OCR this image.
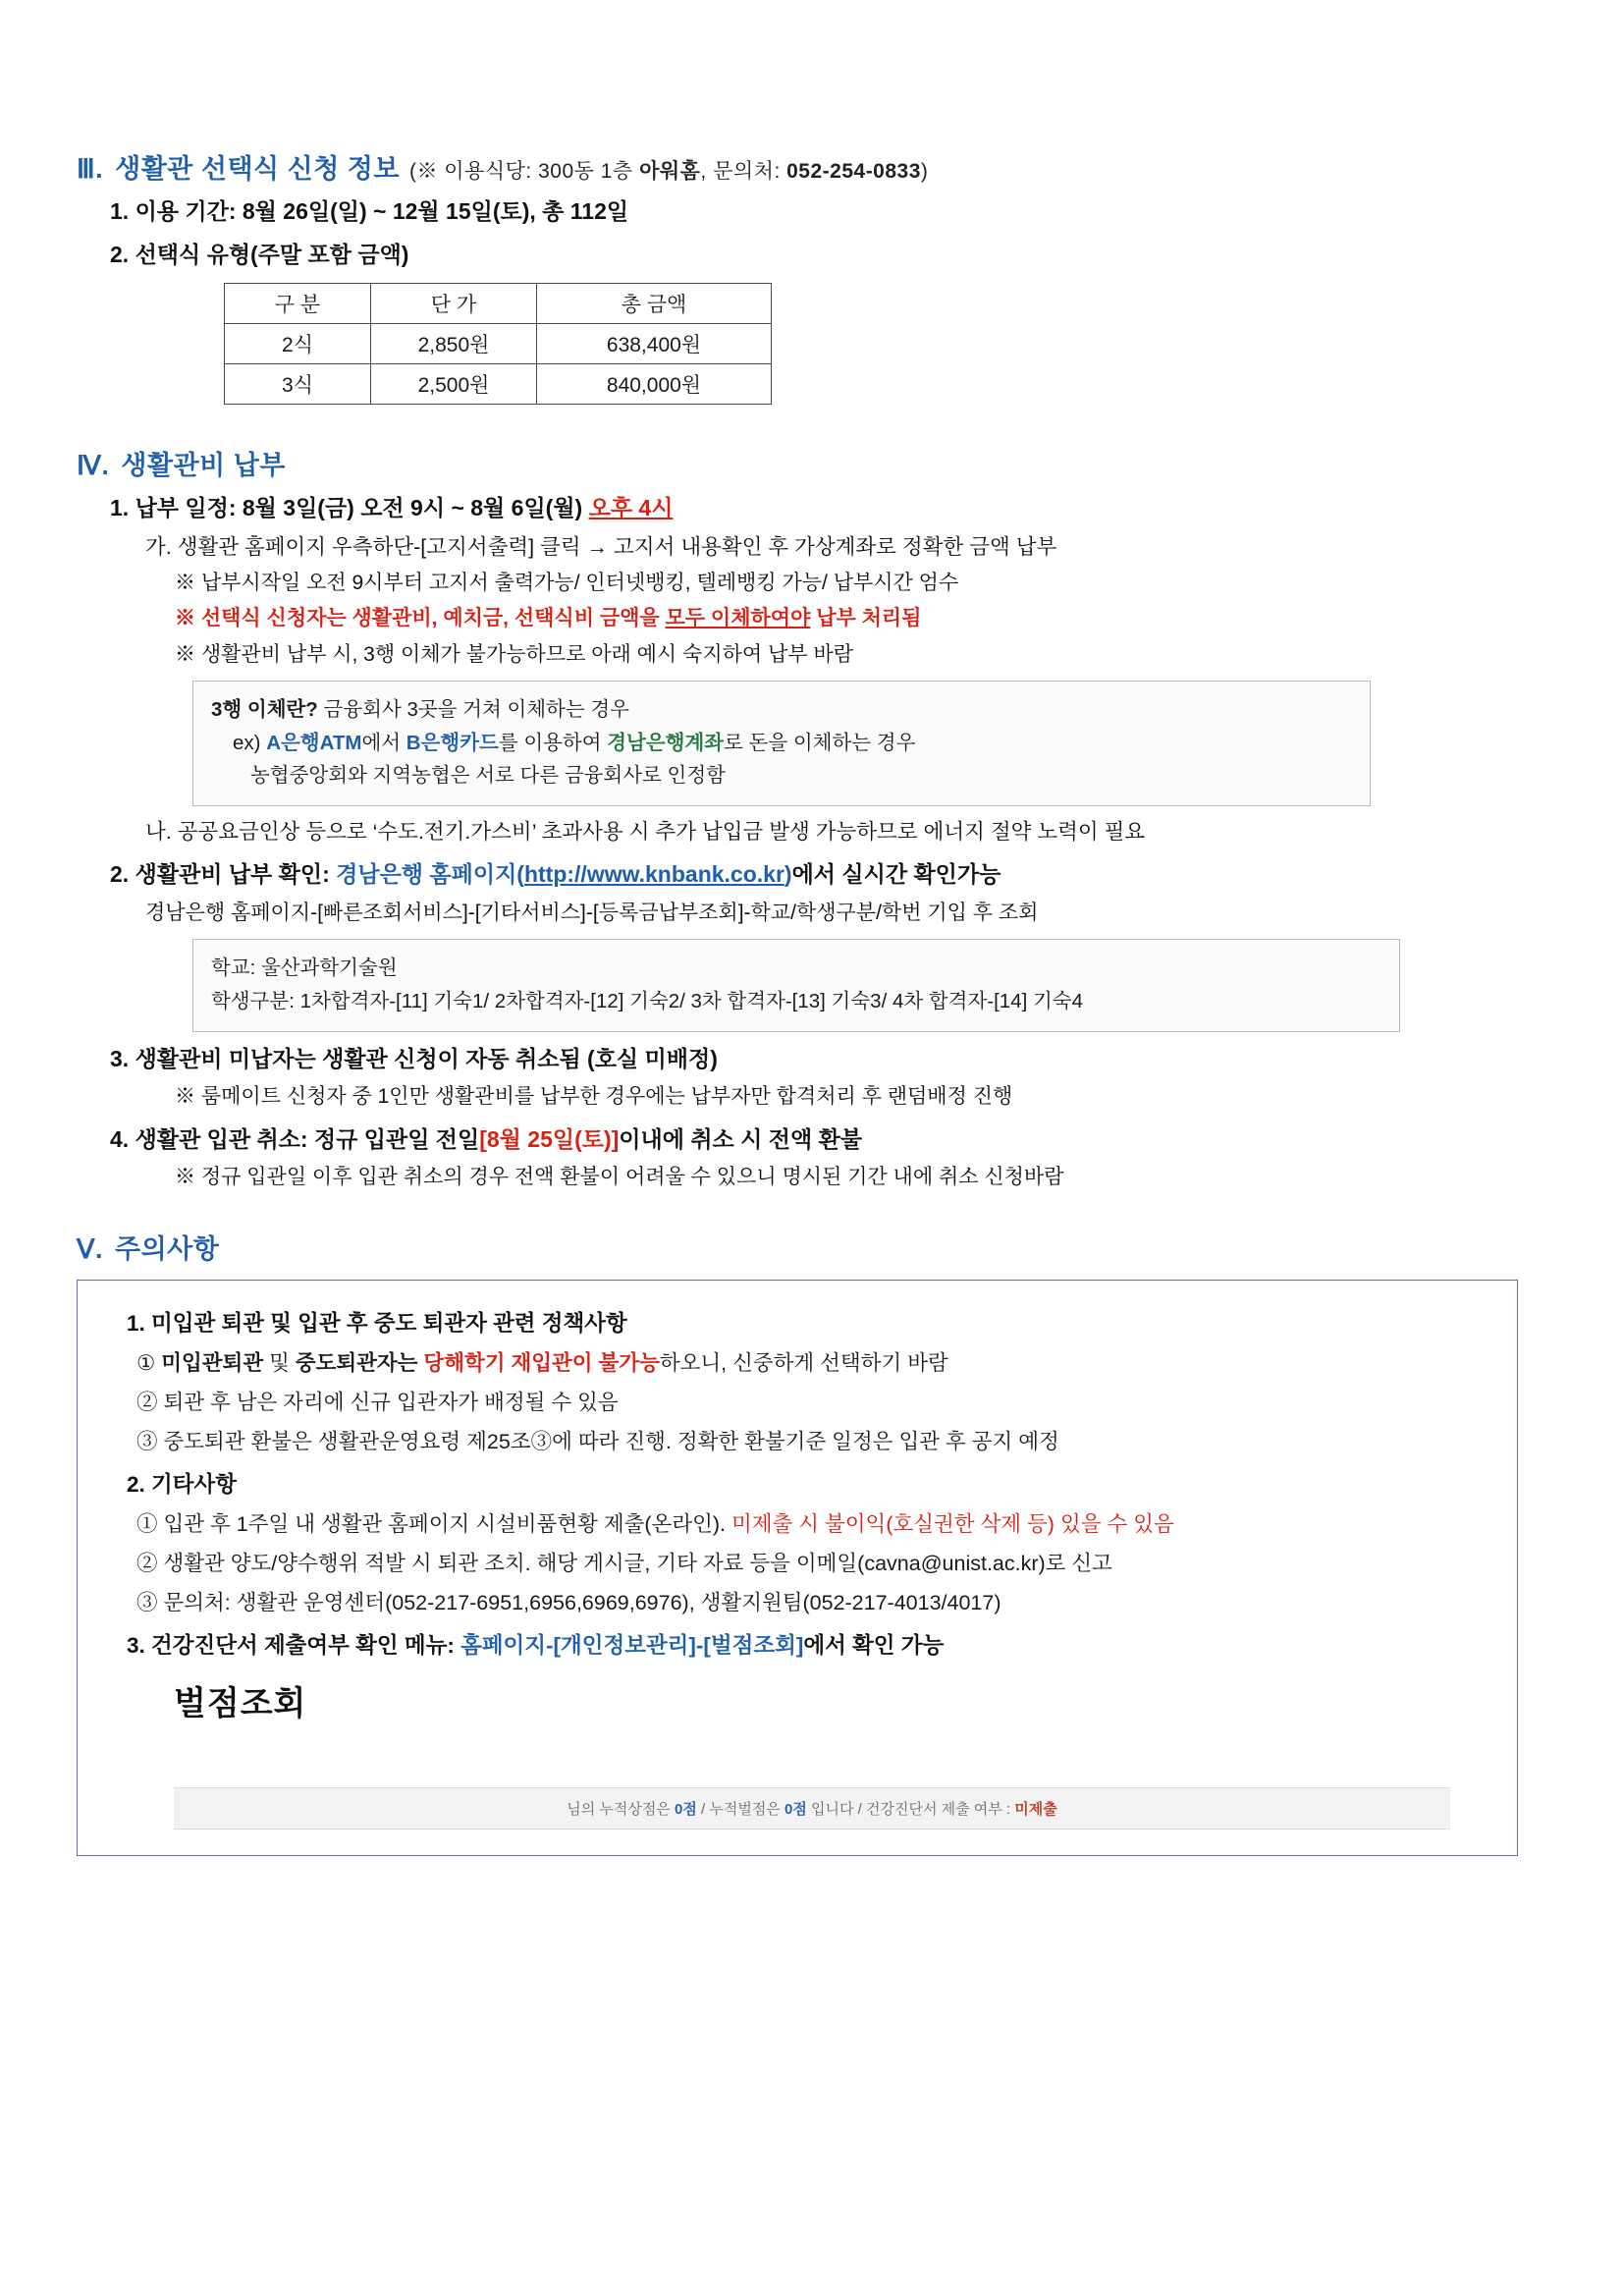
Ⅲ. 생활관 선택식 신청 정보 (※ 이용식당: 300동 1층 아워홈, 문의처: 052-254-0833)
1. 이용 기간: 8월 26일(일) ~ 12월 15일(토), 총 112일
2. 선택식 유형(주말 포함 금액)
구 분	단 가	총 금액
2식	2,850원	638,400원
3식	2,500원	840,000원
Ⅳ. 생활관비 납부
1. 납부 일정: 8월 3일(금) 오전 9시 ~ 8월 6일(월) 오후 4시
가. 생활관 홈페이지 우측하단-[고지서출력] 클릭 → 고지서 내용확인 후 가상계좌로 정확한 금액 납부
※ 납부시작일 오전 9시부터 고지서 출력가능/ 인터넷뱅킹, 텔레뱅킹 가능/ 납부시간 엄수
※ 선택식 신청자는 생활관비, 예치금, 선택식비 금액을 모두 이체하여야 납부 처리됨
※ 생활관비 납부 시, 3행 이체가 불가능하므로 아래 예시 숙지하여 납부 바람
3행 이체란? 금융회사 3곳을 거쳐 이체하는 경우
ex) A은행ATM에서 B은행카드를 이용하여 경남은행계좌로 돈을 이체하는 경우
농협중앙회와 지역농협은 서로 다른 금융회사로 인정함
나. 공공요금인상 등으로 ‘수도.전기.가스비’ 초과사용 시 추가 납입금 발생 가능하므로 에너지 절약 노력이 필요
2. 생활관비 납부 확인: 경남은행 홈페이지(http://www.knbank.co.kr)에서 실시간 확인가능
경남은행 홈페이지-[빠른조회서비스]-[기타서비스]-[등록금납부조회]-학교/학생구분/학번 기입 후 조회
학교: 울산과학기술원
학생구분: 1차합격자-[11] 기숙1/ 2차합격자-[12] 기숙2/ 3차 합격자-[13] 기숙3/ 4차 합격자-[14] 기숙4
3. 생활관비 미납자는 생활관 신청이 자동 취소됨 (호실 미배정)
※ 룸메이트 신청자 중 1인만 생활관비를 납부한 경우에는 납부자만 합격처리 후 랜덤배정 진행
4. 생활관 입관 취소: 정규 입관일 전일[8월 25일(토)]이내에 취소 시 전액 환불
※ 정규 입관일 이후 입관 취소의 경우 전액 환불이 어려울 수 있으니 명시된 기간 내에 취소 신청바람
Ⅴ. 주의사항
1. 미입관 퇴관 및 입관 후 중도 퇴관자 관련 정책사항
① 미입관퇴관 및 중도퇴관자는 당해학기 재입관이 불가능하오니, 신중하게 선택하기 바람
② 퇴관 후 남은 자리에 신규 입관자가 배정될 수 있음
③ 중도퇴관 환불은 생활관운영요령 제25조③에 따라 진행. 정확한 환불기준 일정은 입관 후 공지 예정
2. 기타사항
① 입관 후 1주일 내 생활관 홈페이지 시설비품현황 제출(온라인). 미제출 시 불이익(호실권한 삭제 등) 있을 수 있음
② 생활관 양도/양수행위 적발 시 퇴관 조치. 해당 게시글, 기타 자료 등을 이메일(cavna@unist.ac.kr)로 신고
③ 문의처: 생활관 운영센터(052-217-6951,6956,6969,6976), 생활지원팀(052-217-4013/4017)
3. 건강진단서 제출여부 확인 메뉴: 홈페이지-[개인정보관리]-[벌점조회]에서 확인 가능
벌점조회
님의 누적상점은 0점 / 누적벌점은 0점 입니다 / 건강진단서 제출 여부 : 미제출
